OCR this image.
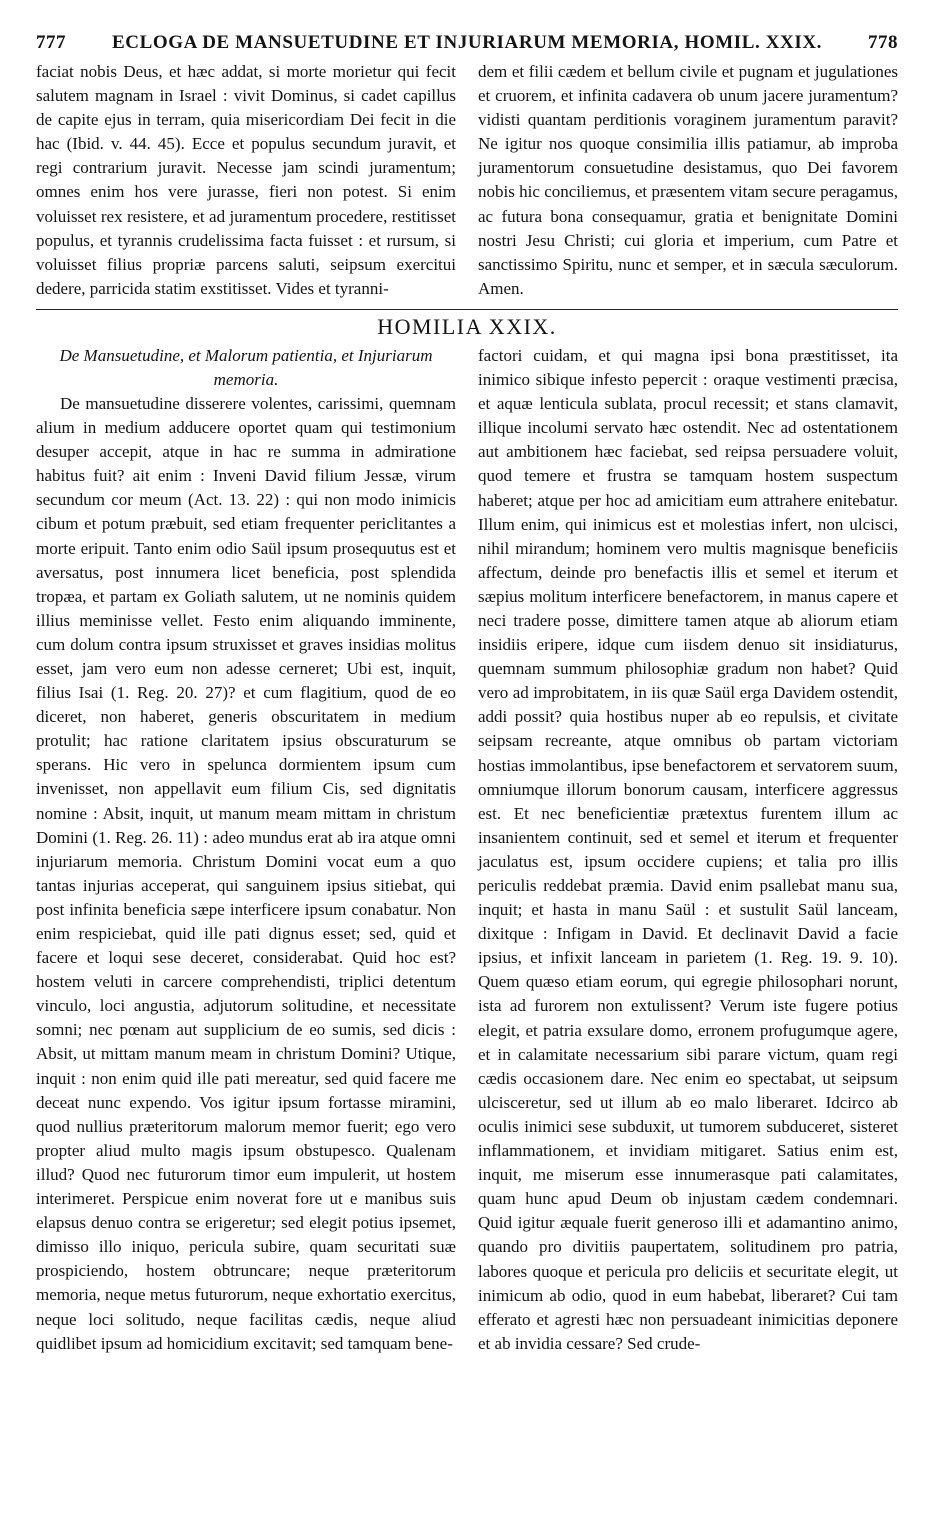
777	ECLOGA DE MANSUETUDINE ET INJURIARUM MEMORIA, HOMIL. XXIX.	778

faciat nobis Deus, et hæc addat, si morte morietur qui fecit salutem magnam in Israel : vivit Dominus, si cadet capillus de capite ejus in terram, quia misericordiam Dei fecit in die hac (Ibid. v. 44. 45). Ecce et populus secundum juravit, et regi contrarium juravit. Necesse jam scindi juramentum; omnes enim hos vere jurasse, fieri non potest. Si enim voluisset rex resistere, et ad juramentum procedere, restitisset populus, et tyrannis crudelissima facta fuisset : et rursum, si voluisset filius propriæ parcens saluti, seipsum exercitui dedere, parricida statim exstitisset. Vides et tyranni-

dem et filii cædem et bellum civile et pugnam et jugulationes et cruorem, et infinita cadavera ob unum jacere juramentum? vidisti quantam perditionis voraginem juramentum paravit? Ne igitur nos quoque consimilia illis patiamur, ab improba juramentorum consuetudine desistamus, quo Dei favorem nobis hic conciliemus, et præsentem vitam secure peragamus, ac futura bona consequamur, gratia et benignitate Domini nostri Jesu Christi; cui gloria et imperium, cum Patre et sanctissimo Spiritu, nunc et semper, et in sæcula sæculorum. Amen.

HOMILIA XXIX.
De Mansuetudine, et Malorum patientia, et Injuriarum memoria.

De mansuetudine disserere volentes, carissimi, quemnam alium in medium adducere oportet quam qui testimonium desuper accepit, atque in hac re summa in admiratione habitus fuit? ait enim : Inveni David filium Jessæ, virum secundum cor meum (Act. 13. 22) : qui non modo inimicis cibum et potum præbuit, sed etiam frequenter periclitantes a morte eripuit. Tanto enim odio Saül ipsum prosequutus est et aversatus, post innumera licet beneficia, post splendida tropæa, et partam ex Goliath salutem, ut ne nominis quidem illius meminisse vellet. Festo enim aliquando imminente, cum dolum contra ipsum struxisset et graves insidias molitus esset, jam vero eum non adesse cerneret; Ubi est, inquit, filius Isai (1. Reg. 20. 27)? et cum flagitium, quod de eo diceret, non haberet, generis obscuritatem in medium protulit; hac ratione claritatem ipsius obscuraturum se sperans. Hic vero in spelunca dormientem ipsum cum invenisset, non appellavit eum filium Cis, sed dignitatis nomine : Absit, inquit, ut manum meam mittam in christum Domini (1. Reg. 26. 11) : adeo mundus erat ab ira atque omni injuriarum memoria. Christum Domini vocat eum a quo tantas injurias acceperat, qui sanguinem ipsius sitiebat, qui post infinita beneficia sæpe interficere ipsum conabatur. Non enim respiciebat, quid ille pati dignus esset; sed, quid et facere et loqui sese deceret, considerabat. Quid hoc est? hostem veluti in carcere comprehendisti, triplici detentum vinculo, loci angustia, adjutorum solitudine, et necessitate somni; nec pœnam aut supplicium de eo sumis, sed dicis : Absit, ut mittam manum meam in christum Domini? Utique, inquit : non enim quid ille pati mereatur, sed quid facere me deceat nunc expendo. Vos igitur ipsum fortasse miramini, quod nullius præteritorum malorum memor fuerit; ego vero propter aliud multo magis ipsum obstupesco. Qualenam illud? Quod nec futurorum timor eum impulerit, ut hostem interimeret. Perspicue enim noverat fore ut e manibus suis elapsus denuo contra se erigeretur; sed elegit potius ipsemet, dimisso illo iniquo, pericula subire, quam securitati suæ prospiciendo, hostem obtruncare; neque præteritorum memoria, neque metus futurorum, neque exhortatio exercitus, neque loci solitudo, neque facilitas cædis, neque aliud quidlibet ipsum ad homicidium excitavit; sed tamquam bene-

factori cuidam, et qui magna ipsi bona præstitisset, ita inimico sibique infesto pepercit : oraque vestimenti præcisa, et aquæ lenticula sublata, procul recessit; et stans clamavit, illique incolumi servato hæc ostendit. Nec ad ostentationem aut ambitionem hæc faciebat, sed reipsa persuadere voluit, quod temere et frustra se tamquam hostem suspectum haberet; atque per hoc ad amicitiam eum attrahere enitebatur. Illum enim, qui inimicus est et molestias infert, non ulcisci, nihil mirandum; hominem vero multis magnisque beneficiis affectum, deinde pro benefactis illis et semel et iterum et sæpius molitum interficere benefactorem, in manus capere et neci tradere posse, dimittere tamen atque ab aliorum etiam insidiis eripere, idque cum iisdem denuo sit insidiaturus, quemnam summum philosophiæ gradum non habet? Quid vero ad improbitatem, in iis quæ Saül erga Davidem ostendit, addi possit? quia hostibus nuper ab eo repulsis, et civitate seipsam recreante, atque omnibus ob partam victoriam hostias immolantibus, ipse benefactorem et servatorem suum, omniumque illorum bonorum causam, interficere aggressus est. Et nec beneficientiæ prætextus furentem illum ac insanientem continuit, sed et semel et iterum et frequenter jaculatus est, ipsum occidere cupiens; et talia pro illis periculis reddebat præmia. David enim psallebat manu sua, inquit; et hasta in manu Saül : et sustulit Saül lanceam, dixitque : Infigam in David. Et declinavit David a facie ipsius, et infixit lanceam in parietem (1. Reg. 19. 9. 10). Quem quæso etiam eorum, qui egregie philosophari norunt, ista ad furorem non extulissent? Verum iste fugere potius elegit, et patria exsulare domo, erronem profugumque agere, et in calamitate necessarium sibi parare victum, quam regi cædis occasionem dare. Nec enim eo spectabat, ut seipsum ulcisceretur, sed ut illum ab eo malo liberaret. Idcirco ab oculis inimici sese subduxit, ut tumorem subduceret, sisteret inflammationem, et invidiam mitigaret. Satius enim est, inquit, me miserum esse innumerasque pati calamitates, quam hunc apud Deum ob injustam cædem condemnari. Quid igitur æquale fuerit generoso illi et adamantino animo, quando pro divitiis paupertatem, solitudinem pro patria, labores quoque et pericula pro deliciis et securitate elegit, ut inimicum ab odio, quod in eum habebat, liberaret? Cui tam efferato et agresti hæc non persuadeant inimicitias deponere et ab invidia cessare? Sed crude-
